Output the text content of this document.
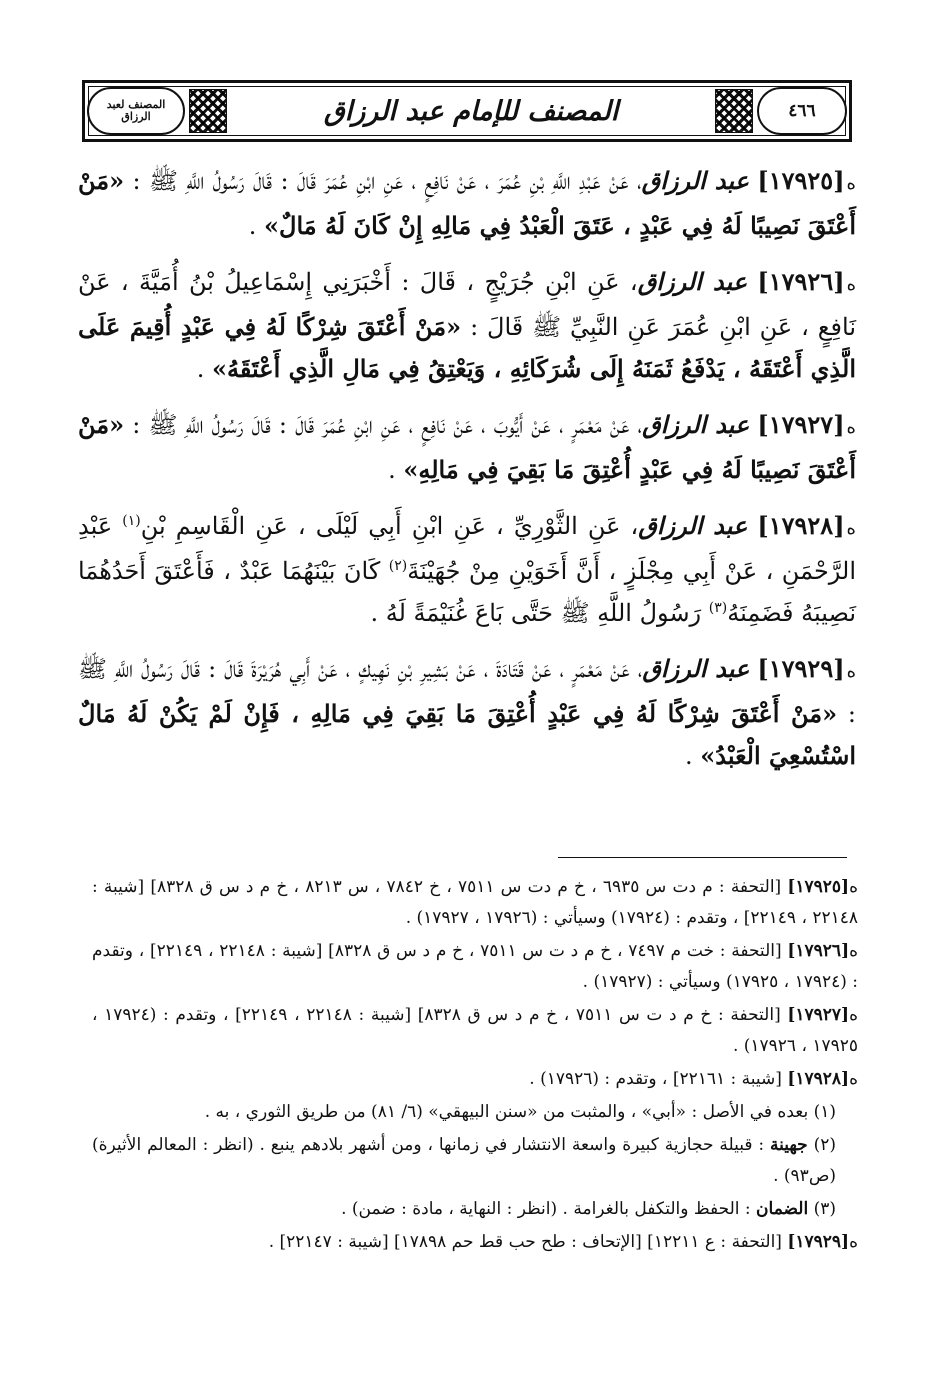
المصنف لعبد الرزاق	المصنف للإمام عبد الرزاق	٤٦٦

ه[١٧٩٢٥] عبد الرزاق، عَنْ عَبْدِ اللَّهِ بْنِ عُمَرَ ، عَنْ نَافِعٍ ، عَنِ ابْنِ عُمَرَ قَالَ : قَالَ رَسُولُ اللَّهِ ﷺ : «مَنْ أَعْتَقَ نَصِيبًا لَهُ فِي عَبْدٍ ، عَتَقَ الْعَبْدُ فِي مَالِهِ إِنْ كَانَ لَهُ مَالٌ» .

ه[١٧٩٢٦] عبد الرزاق، عَنِ ابْنِ جُرَيْجٍ ، قَالَ : أَخْبَرَنِي إِسْمَاعِيلُ بْنُ أُمَيَّةَ ، عَنْ نَافِعٍ ، عَنِ ابْنِ عُمَرَ عَنِ النَّبِيِّ ﷺ قَالَ : «مَنْ أَعْتَقَ شِرْكًا لَهُ فِي عَبْدٍ أُقِيمَ عَلَى الَّذِي أَعْتَقَهُ ، يَدْفَعُ ثَمَنَهُ إِلَى شُرَكَائِهِ ، وَيَعْتِقُ فِي مَالِ الَّذِي أَعْتَقَهُ» .

ه[١٧٩٢٧] عبد الرزاق، عَنْ مَعْمَرٍ ، عَنْ أَيُّوبَ ، عَنْ نَافِعٍ ، عَنِ ابْنِ عُمَرَ قَالَ : قَالَ رَسُولُ اللَّهِ ﷺ : «مَنْ أَعْتَقَ نَصِيبًا لَهُ فِي عَبْدٍ أُعْتِقَ مَا بَقِيَ فِي مَالِهِ» .

ه[١٧٩٢٨] عبد الرزاق، عَنِ الثَّوْرِيِّ ، عَنِ ابْنِ أَبِي لَيْلَى ، عَنِ الْقَاسِمِ بْنِ$^{(١)}$ عَبْدِ الرَّحْمَنِ ، عَنْ أَبِي مِجْلَزٍ ، أَنَّ أَخَوَيْنِ مِنْ جُهَيْنَةَ$^{(٢)}$ كَانَ بَيْنَهُمَا عَبْدٌ ، فَأَعْتَقَ أَحَدُهُمَا نَصِيبَهُ فَضَمِنَهُ$^{(٣)}$ رَسُولُ اللَّهِ ﷺ حَتَّى بَاعَ غُنَيْمَةً لَهُ .

ه[١٧٩٢٩] عبد الرزاق، عَنْ مَعْمَرٍ ، عَنْ قَتَادَةَ ، عَنْ بَشِيرِ بْنِ نَهِيكٍ ، عَنْ أَبِي هُرَيْرَةَ قَالَ : قَالَ رَسُولُ اللَّهِ ﷺ : «مَنْ أَعْتَقَ شِرْكًا لَهُ فِي عَبْدٍ أُعْتِقَ مَا بَقِيَ فِي مَالِهِ ، فَإِنْ لَمْ يَكُنْ لَهُ مَالٌ اسْتُسْعِيَ الْعَبْدُ» .

ه[١٧٩٢٥] [التحفة : م دت س ٦٩٣٥ ، خ م دت س ٧٥١١ ، خ ٧٨٤٢ ، س ٨٢١٣ ، خ م د س ق ٨٣٢٨] [شيبة : ٢٢١٤٨ ، ٢٢١٤٩] ، وتقدم : (١٧٩٢٤) وسيأتي : (١٧٩٢٦ ، ١٧٩٢٧) .

ه[١٧٩٢٦] [التحفة : خت م ٧٤٩٧ ، خ م د ت س ٧٥١١ ، خ م د س ق ٨٣٢٨] [شيبة : ٢٢١٤٨ ، ٢٢١٤٩] ، وتقدم : (١٧٩٢٤ ، ١٧٩٢٥) وسيأتي : (١٧٩٢٧) .

ه[١٧٩٢٧] [التحفة : خ م د ت س ٧٥١١ ، خ م د س ق ٨٣٢٨] [شيبة : ٢٢١٤٨ ، ٢٢١٤٩] ، وتقدم : (١٧٩٢٤ ، ١٧٩٢٥ ، ١٧٩٢٦) .

ه[١٧٩٢٨] [شيبة : ٢٢١٦١] ، وتقدم : (١٧٩٢٦) .

(١) بعده في الأصل : «أبي» ، والمثبت من «سنن البيهقي» (٦/ ٨١) من طريق الثوري ، به .

(٢) جهينة : قبيلة حجازية كبيرة واسعة الانتشار في زمانها ، ومن أشهر بلادهم ينبع . (انظر : المعالم الأثيرة) (ص٩٣) .

(٣) الضمان : الحفظ والتكفل بالغرامة . (انظر : النهاية ، مادة : ضمن) .

ه[١٧٩٢٩] [التحفة : ع ١٢٢١١] [الإتحاف : طح حب قط حم ١٧٨٩٨] [شيبة : ٢٢١٤٧] .
